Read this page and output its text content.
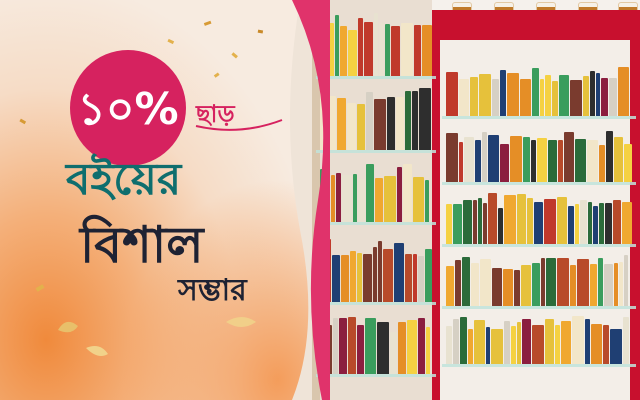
১০% ছাড়
বইয়ের
বিশাল
সম্ভার
